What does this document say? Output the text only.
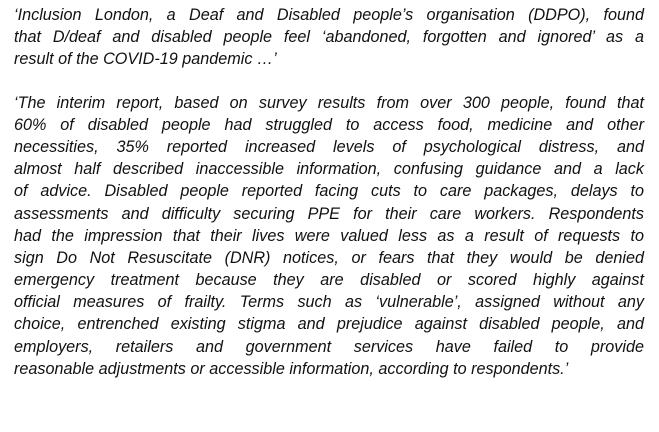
‘Inclusion London, a Deaf and Disabled people’s organisation (DDPO), found
that D/deaf and disabled people feel ‘abandoned, forgotten and ignored’ as a
result of the COVID-19 pandemic …’
‘The interim report, based on survey results from over 300 people, found that
60% of disabled people had struggled to access food, medicine and other
necessities, 35% reported increased levels of psychological distress, and
almost half described inaccessible information, confusing guidance and a lack
of advice. Disabled people reported facing cuts to care packages, delays to
assessments and difficulty securing PPE for their care workers. Respondents
had the impression that their lives were valued less as a result of requests to
sign Do Not Resuscitate (DNR) notices, or fears that they would be denied
emergency treatment because they are disabled or scored highly against
official measures of frailty. Terms such as ‘vulnerable’, assigned without any
choice, entrenched existing stigma and prejudice against disabled people, and
employers, retailers and government services have failed to provide
reasonable adjustments or accessible information, according to respondents.’
